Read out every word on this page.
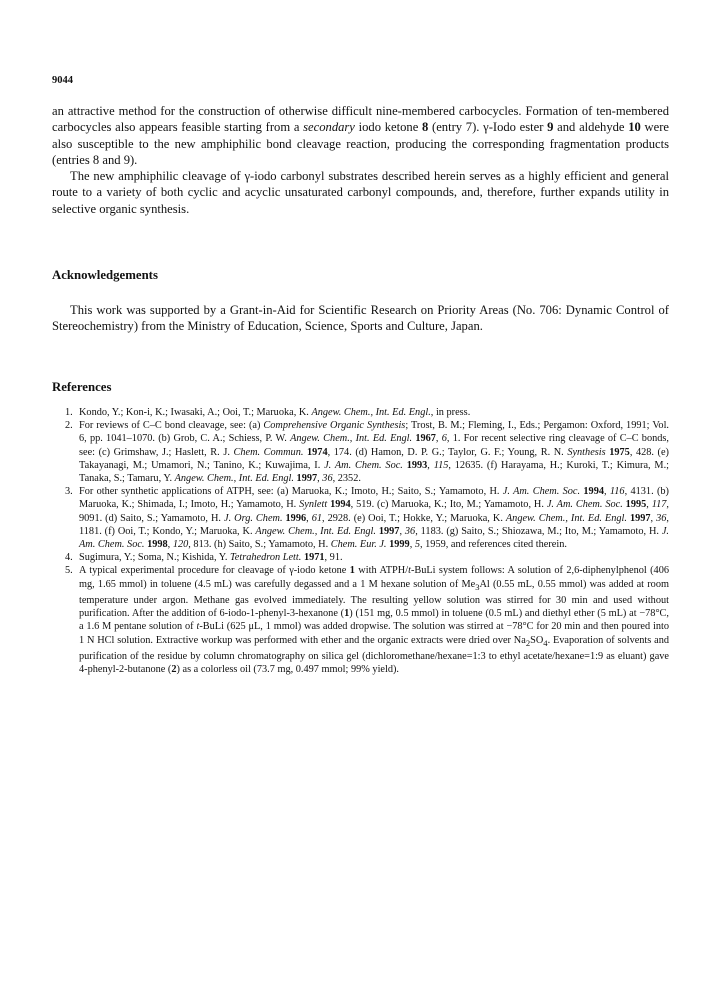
9044

an attractive method for the construction of otherwise difficult nine-membered carbocycles. Formation of ten-membered carbocycles also appears feasible starting from a secondary iodo ketone 8 (entry 7). γ-Iodo ester 9 and aldehyde 10 were also susceptible to the new amphiphilic bond cleavage reaction, producing the corresponding fragmentation products (entries 8 and 9).

The new amphiphilic cleavage of γ-iodo carbonyl substrates described herein serves as a highly efficient and general route to a variety of both cyclic and acyclic unsaturated carbonyl compounds, and, therefore, further expands utility in selective organic synthesis.

Acknowledgements

This work was supported by a Grant-in-Aid for Scientific Research on Priority Areas (No. 706: Dynamic Control of Stereochemistry) from the Ministry of Education, Science, Sports and Culture, Japan.

References
1. Kondo, Y.; Kon-i, K.; Iwasaki, A.; Ooi, T.; Maruoka, K. Angew. Chem., Int. Ed. Engl., in press.
2. For reviews of C–C bond cleavage, see: (a) Comprehensive Organic Synthesis; Trost, B. M.; Fleming, I., Eds.; Pergamon: Oxford, 1991; Vol. 6, pp. 1041–1070. (b) Grob, C. A.; Schiess, P. W. Angew. Chem., Int. Ed. Engl. 1967, 6, 1. For recent selective ring cleavage of C–C bonds, see: (c) Grimshaw, J.; Haslett, R. J. Chem. Commun. 1974, 174. (d) Hamon, D. P. G.; Taylor, G. F.; Young, R. N. Synthesis 1975, 428. (e) Takayanagi, M.; Umamori, N.; Tanino, K.; Kuwajima, I. J. Am. Chem. Soc. 1993, 115, 12635. (f) Harayama, H.; Kuroki, T.; Kimura, M.; Tanaka, S.; Tamaru, Y. Angew. Chem., Int. Ed. Engl. 1997, 36, 2352.
3. For other synthetic applications of ATPH, see: (a) Maruoka, K.; Imoto, H.; Saito, S.; Yamamoto, H. J. Am. Chem. Soc. 1994, 116, 4131. (b) Maruoka, K.; Shimada, I.; Imoto, H.; Yamamoto, H. Synlett 1994, 519. (c) Maruoka, K.; Ito, M.; Yamamoto, H. J. Am. Chem. Soc. 1995, 117, 9091. (d) Saito, S.; Yamamoto, H. J. Org. Chem. 1996, 61, 2928. (e) Ooi, T.; Hokke, Y.; Maruoka, K. Angew. Chem., Int. Ed. Engl. 1997, 36, 1181. (f) Ooi, T.; Kondo, Y.; Maruoka, K. Angew. Chem., Int. Ed. Engl. 1997, 36, 1183. (g) Saito, S.; Shiozawa, M.; Ito, M.; Yamamoto, H. J. Am. Chem. Soc. 1998, 120, 813. (h) Saito, S.; Yamamoto, H. Chem. Eur. J. 1999, 5, 1959, and references cited therein.
4. Sugimura, Y.; Soma, N.; Kishida, Y. Tetrahedron Lett. 1971, 91.
5. A typical experimental procedure for cleavage of γ-iodo ketone 1 with ATPH/t-BuLi system follows: A solution of 2,6-diphenylphenol (406 mg, 1.65 mmol) in toluene (4.5 mL) was carefully degassed and a 1 M hexane solution of $Me_3Al$ (0.55 mL, 0.55 mmol) was added at room temperature under argon. Methane gas evolved immediately. The resulting yellow solution was stirred for 30 min and used without purification. After the addition of 6-iodo-1-phenyl-3-hexanone (1) (151 mg, 0.5 mmol) in toluene (0.5 mL) and diethyl ether (5 mL) at −78°C, a 1.6 M pentane solution of t-BuLi (625 μL, 1 mmol) was added dropwise. The solution was stirred at −78°C for 20 min and then poured into 1 N HCl solution. Extractive workup was performed with ether and the organic extracts were dried over $Na_2SO_4$. Evaporation of solvents and purification of the residue by column chromatography on silica gel (dichloromethane/hexane=1:3 to ethyl acetate/hexane=1:9 as eluant) gave 4-phenyl-2-butanone (2) as a colorless oil (73.7 mg, 0.497 mmol; 99% yield).
